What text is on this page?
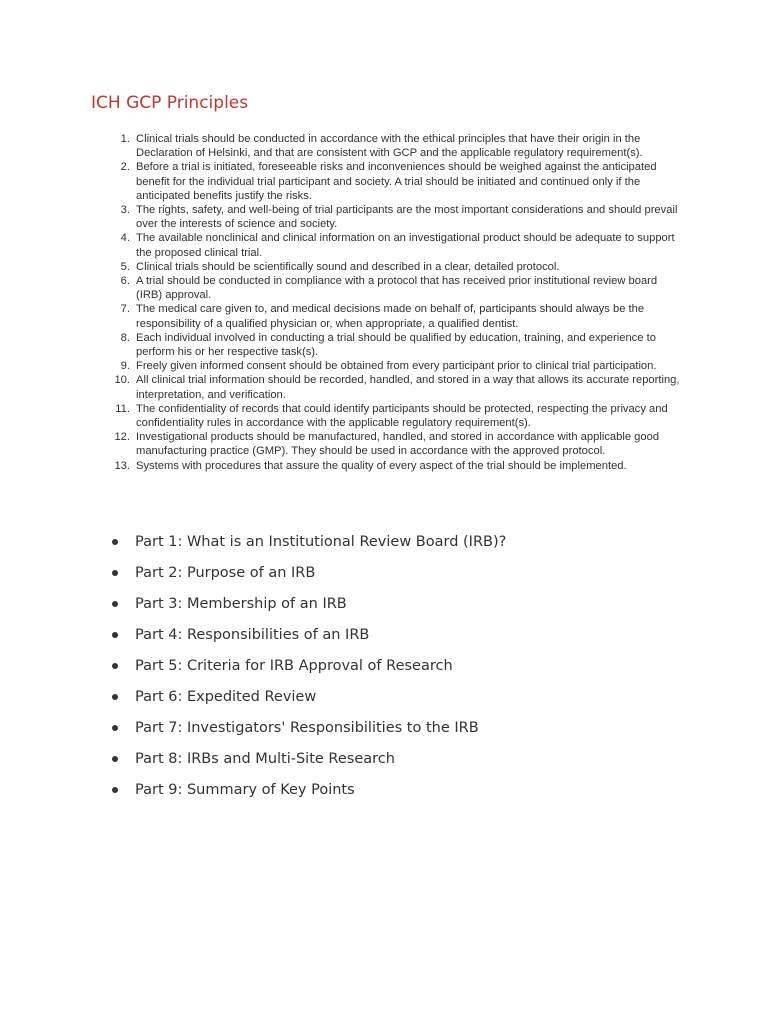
ICH GCP Principles
1. Clinical trials should be conducted in accordance with the ethical principles that have their origin in the Declaration of Helsinki, and that are consistent with GCP and the applicable regulatory requirement(s).
2. Before a trial is initiated, foreseeable risks and inconveniences should be weighed against the anticipated benefit for the individual trial participant and society. A trial should be initiated and continued only if the anticipated benefits justify the risks.
3. The rights, safety, and well-being of trial participants are the most important considerations and should prevail over the interests of science and society.
4. The available nonclinical and clinical information on an investigational product should be adequate to support the proposed clinical trial.
5. Clinical trials should be scientifically sound and described in a clear, detailed protocol.
6. A trial should be conducted in compliance with a protocol that has received prior institutional review board (IRB) approval.
7. The medical care given to, and medical decisions made on behalf of, participants should always be the responsibility of a qualified physician or, when appropriate, a qualified dentist.
8. Each individual involved in conducting a trial should be qualified by education, training, and experience to perform his or her respective task(s).
9. Freely given informed consent should be obtained from every participant prior to clinical trial participation.
10. All clinical trial information should be recorded, handled, and stored in a way that allows its accurate reporting, interpretation, and verification.
11. The confidentiality of records that could identify participants should be protected, respecting the privacy and confidentiality rules in accordance with the applicable regulatory requirement(s).
12. Investigational products should be manufactured, handled, and stored in accordance with applicable good manufacturing practice (GMP). They should be used in accordance with the approved protocol.
13. Systems with procedures that assure the quality of every aspect of the trial should be implemented.
Part 1: What is an Institutional Review Board (IRB)?
Part 2: Purpose of an IRB
Part 3: Membership of an IRB
Part 4: Responsibilities of an IRB
Part 5: Criteria for IRB Approval of Research
Part 6: Expedited Review
Part 7: Investigators' Responsibilities to the IRB
Part 8: IRBs and Multi-Site Research
Part 9: Summary of Key Points
